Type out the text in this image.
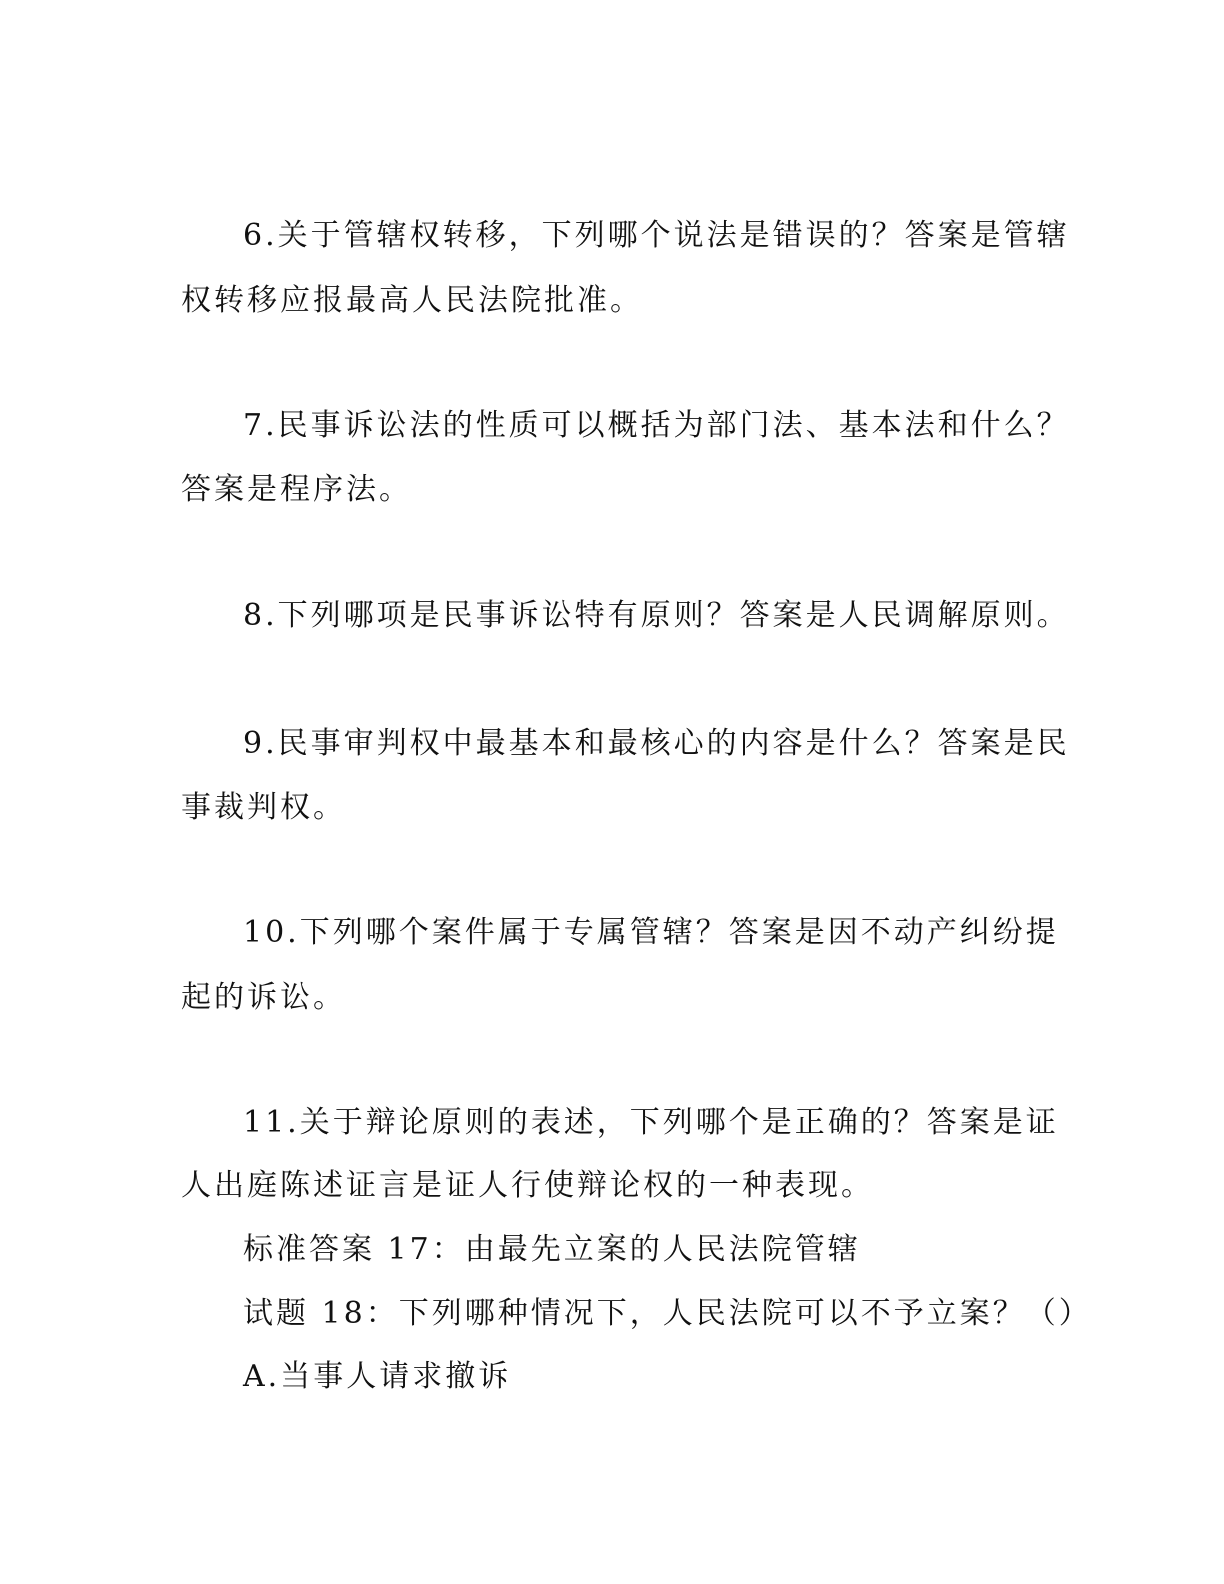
6.关于管辖权转移，下列哪个说法是错误的？答案是管辖
权转移应报最高人民法院批准。
7.民事诉讼法的性质可以概括为部门法、基本法和什么？
答案是程序法。
8.下列哪项是民事诉讼特有原则？答案是人民调解原则。
9.民事审判权中最基本和最核心的内容是什么？答案是民
事裁判权。
10.下列哪个案件属于专属管辖？答案是因不动产纠纷提
起的诉讼。
11.关于辩论原则的表述，下列哪个是正确的？答案是证
人出庭陈述证言是证人行使辩论权的一种表现。
标准答案 17：由最先立案的人民法院管辖
试题 18：下列哪种情况下，人民法院可以不予立案？（）
A.当事人请求撤诉
